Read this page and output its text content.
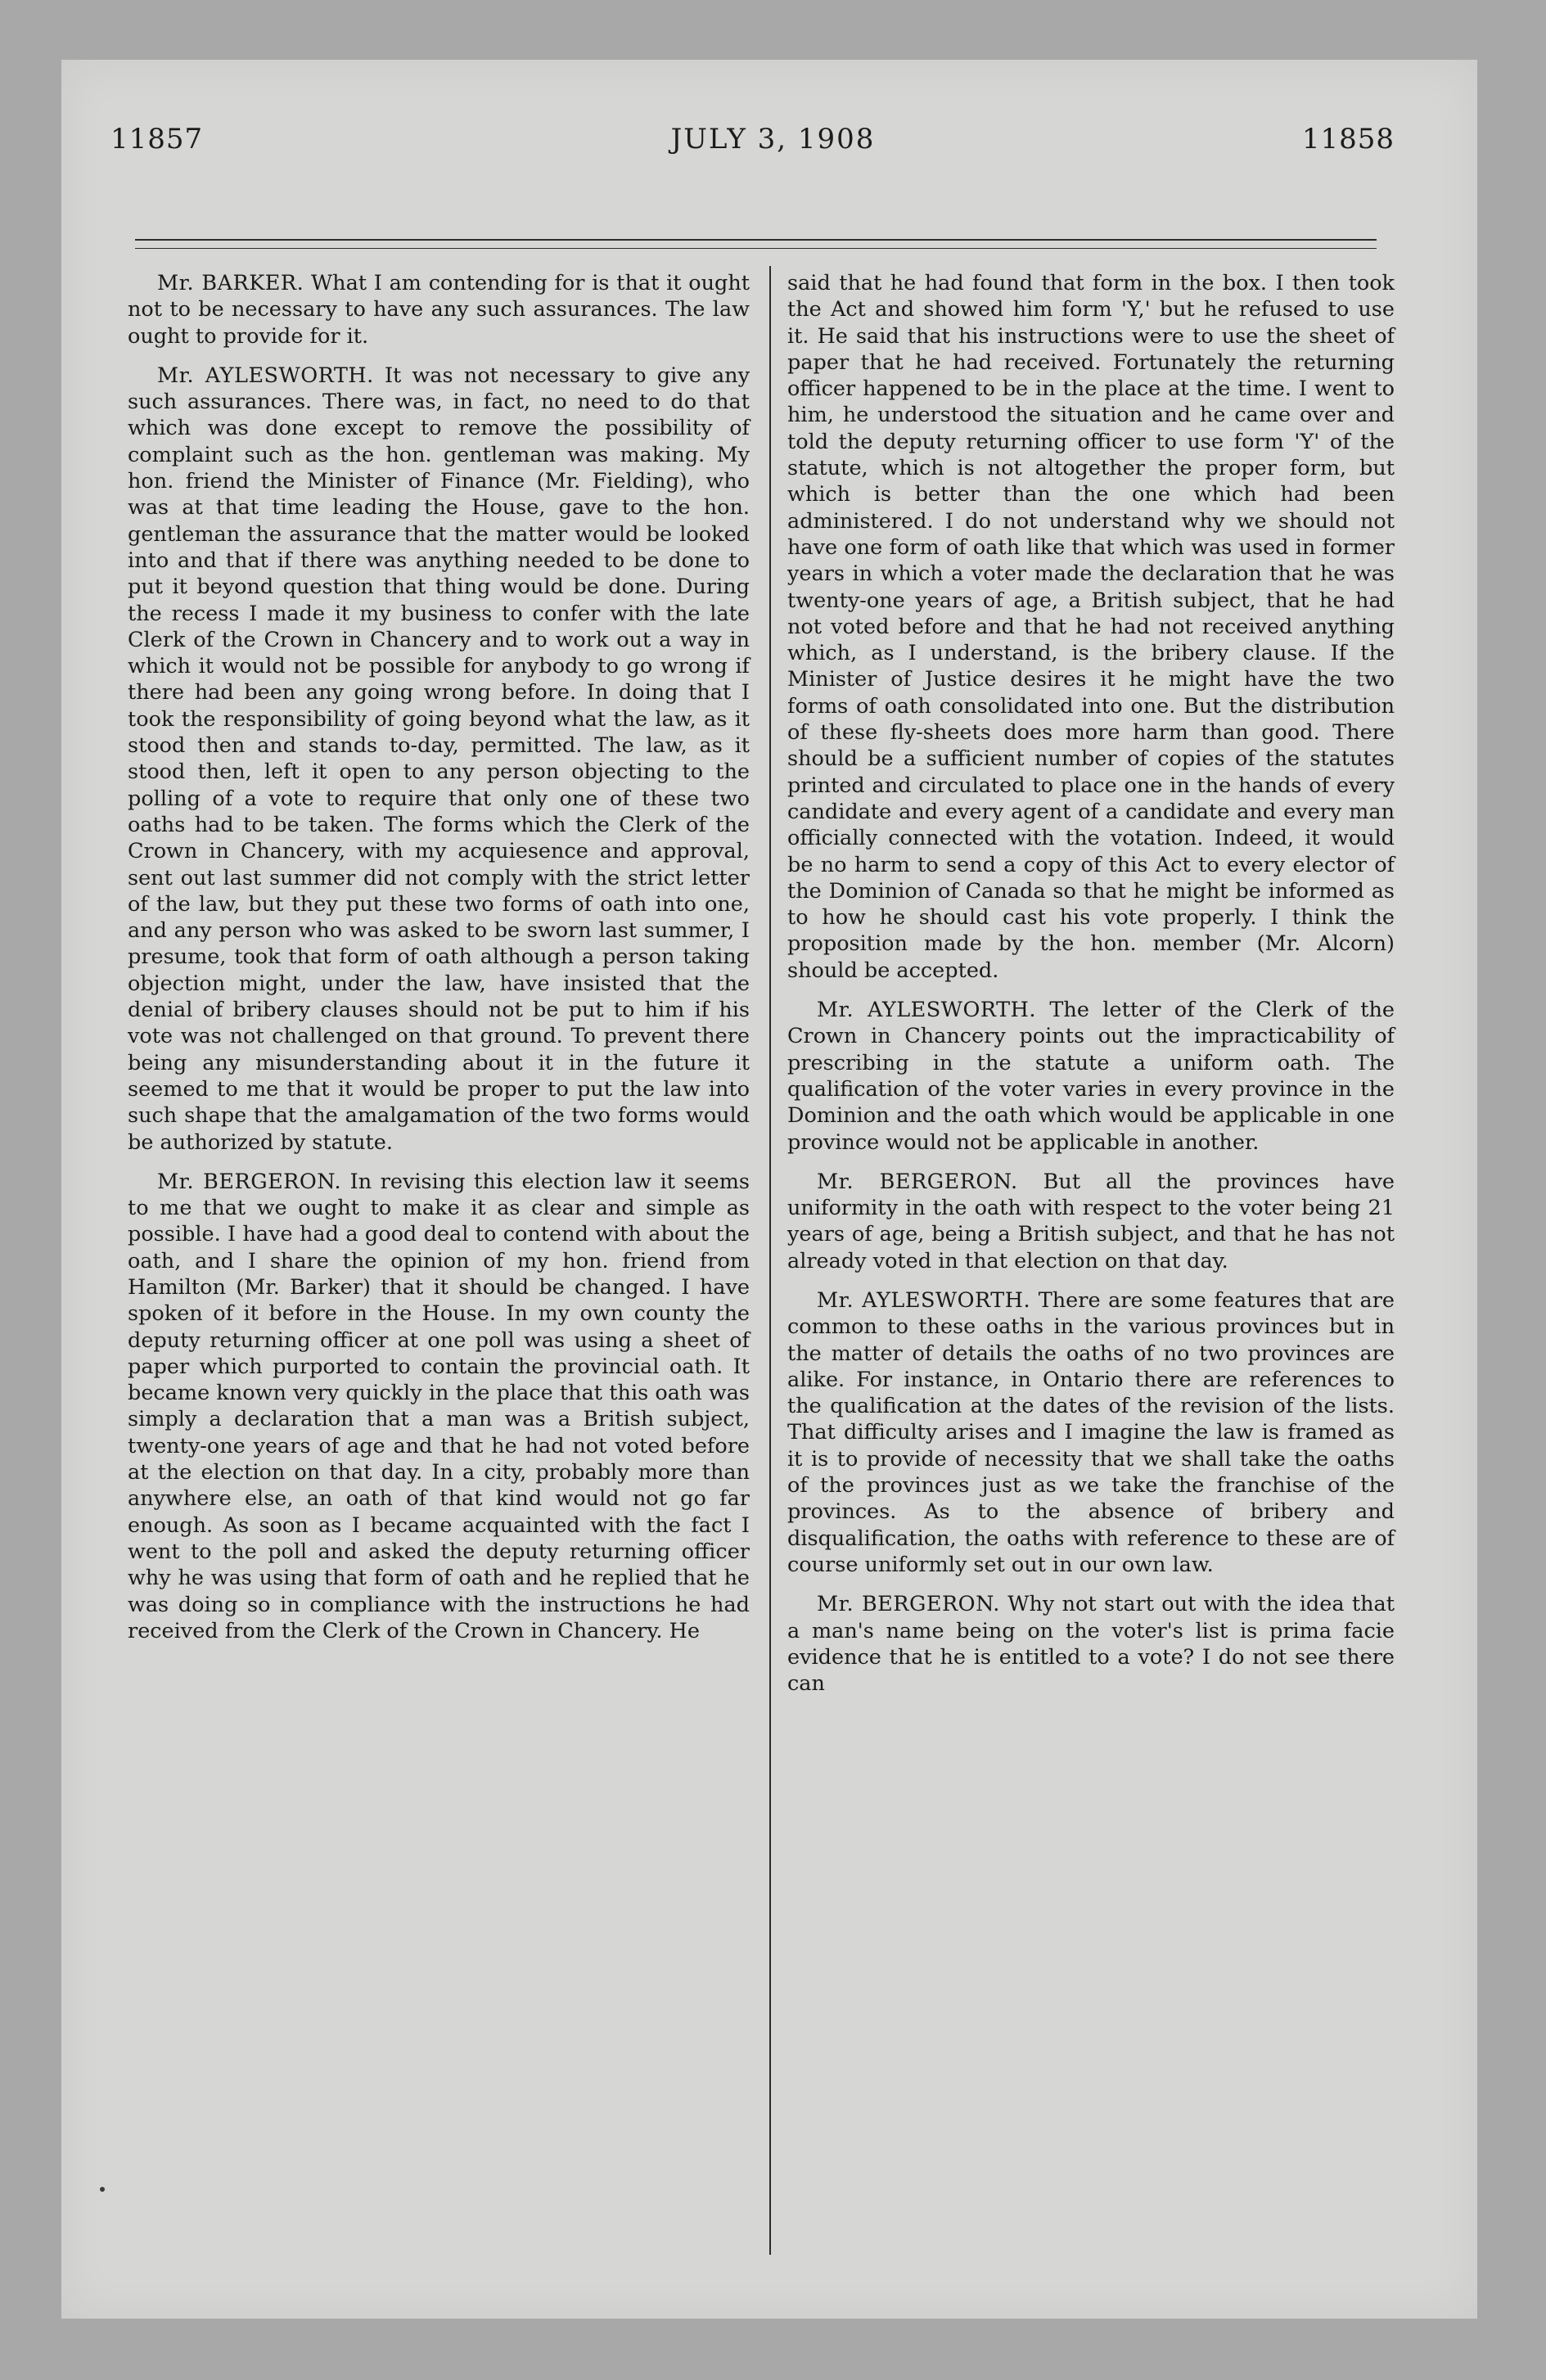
11857	JULY 3, 1908	11858

Mr. BARKER. What I am contending for is that it ought not to be necessary to have any such assurances. The law ought to provide for it.

Mr. AYLESWORTH. It was not necessary to give any such assurances. There was, in fact, no need to do that which was done except to remove the possibility of complaint such as the hon. gentleman was making. My hon. friend the Minister of Finance (Mr. Fielding), who was at that time leading the House, gave to the hon. gentleman the assurance that the matter would be looked into and that if there was anything needed to be done to put it beyond question that thing would be done. During the recess I made it my business to confer with the late Clerk of the Crown in Chancery and to work out a way in which it would not be possible for anybody to go wrong if there had been any going wrong before. In doing that I took the responsibility of going beyond what the law, as it stood then and stands to-day, permitted. The law, as it stood then, left it open to any person objecting to the polling of a vote to require that only one of these two oaths had to be taken. The forms which the Clerk of the Crown in Chancery, with my acquiesence and approval, sent out last summer did not comply with the strict letter of the law, but they put these two forms of oath into one, and any person who was asked to be sworn last summer, I presume, took that form of oath although a person taking objection might, under the law, have insisted that the denial of bribery clauses should not be put to him if his vote was not challenged on that ground. To prevent there being any misunderstanding about it in the future it seemed to me that it would be proper to put the law into such shape that the amalgamation of the two forms would be authorized by statute.

Mr. BERGERON. In revising this election law it seems to me that we ought to make it as clear and simple as possible. I have had a good deal to contend with about the oath, and I share the opinion of my hon. friend from Hamilton (Mr. Barker) that it should be changed. I have spoken of it before in the House. In my own county the deputy returning officer at one poll was using a sheet of paper which purported to contain the provincial oath. It became known very quickly in the place that this oath was simply a declaration that a man was a British subject, twenty-one years of age and that he had not voted before at the election on that day. In a city, probably more than anywhere else, an oath of that kind would not go far enough. As soon as I became acquainted with the fact I went to the poll and asked the deputy returning officer why he was using that form of oath and he replied that he was doing so in compliance with the instructions he had received from the Clerk of the Crown in Chancery. He

said that he had found that form in the box. I then took the Act and showed him form 'Y,' but he refused to use it. He said that his instructions were to use the sheet of paper that he had received. Fortunately the returning officer happened to be in the place at the time. I went to him, he understood the situation and he came over and told the deputy returning officer to use form 'Y' of the statute, which is not altogether the proper form, but which is better than the one which had been administered. I do not understand why we should not have one form of oath like that which was used in former years in which a voter made the declaration that he was twenty-one years of age, a British subject, that he had not voted before and that he had not received anything which, as I understand, is the bribery clause. If the Minister of Justice desires it he might have the two forms of oath consolidated into one. But the distribution of these fly-sheets does more harm than good. There should be a sufficient number of copies of the statutes printed and circulated to place one in the hands of every candidate and every agent of a candidate and every man officially connected with the votation. Indeed, it would be no harm to send a copy of this Act to every elector of the Dominion of Canada so that he might be informed as to how he should cast his vote properly. I think the proposition made by the hon. member (Mr. Alcorn) should be accepted.

Mr. AYLESWORTH. The letter of the Clerk of the Crown in Chancery points out the impracticability of prescribing in the statute a uniform oath. The qualification of the voter varies in every province in the Dominion and the oath which would be applicable in one province would not be applicable in another.

Mr. BERGERON. But all the provinces have uniformity in the oath with respect to the voter being 21 years of age, being a British subject, and that he has not already voted in that election on that day.

Mr. AYLESWORTH. There are some features that are common to these oaths in the various provinces but in the matter of details the oaths of no two provinces are alike. For instance, in Ontario there are references to the qualification at the dates of the revision of the lists. That difficulty arises and I imagine the law is framed as it is to provide of necessity that we shall take the oaths of the provinces just as we take the franchise of the provinces. As to the absence of bribery and disqualification, the oaths with reference to these are of course uniformly set out in our own law.

Mr. BERGERON. Why not start out with the idea that a man's name being on the voter's list is prima facie evidence that he is entitled to a vote? I do not see there can
